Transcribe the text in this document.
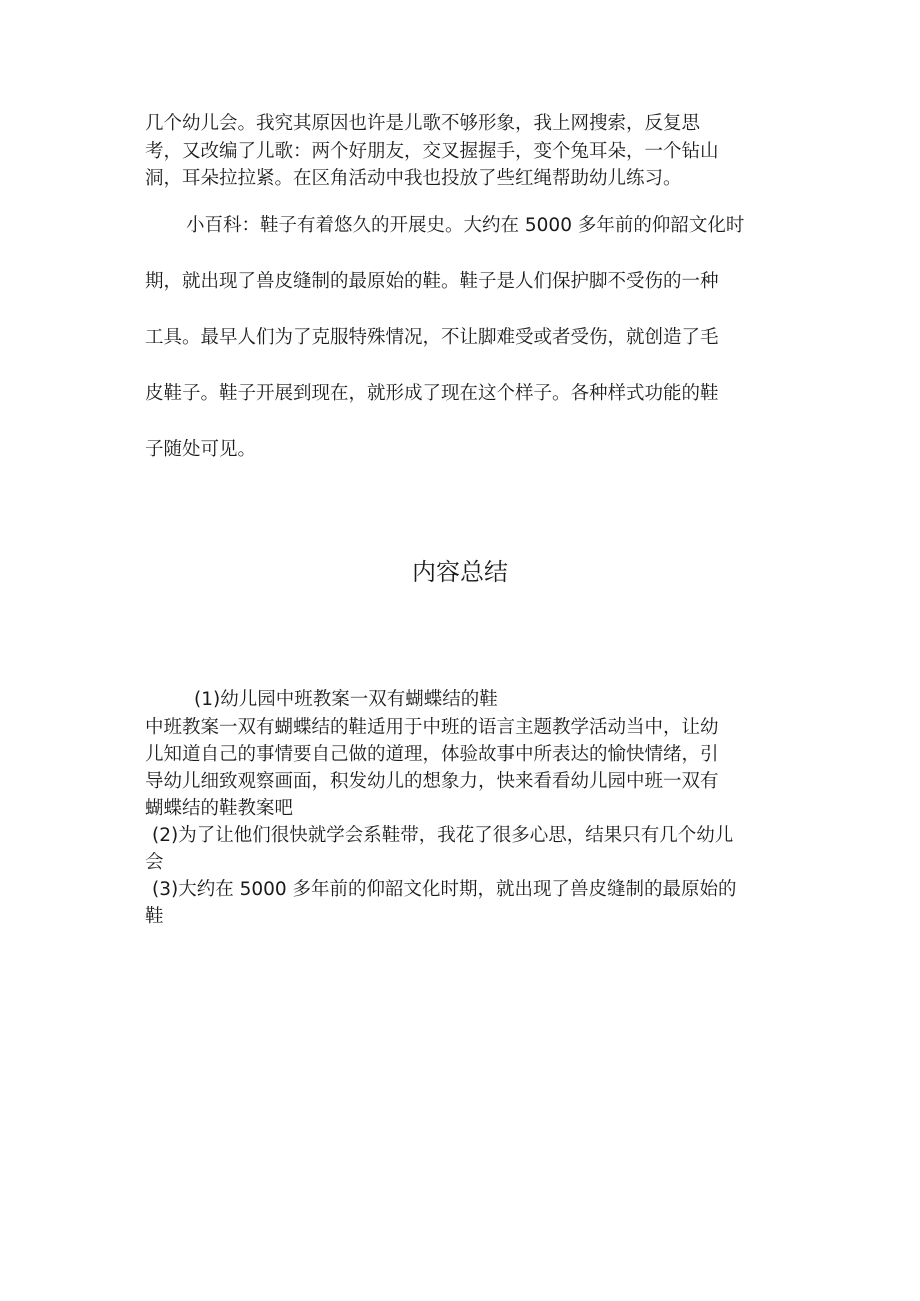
几个幼儿会。我究其原因也许是儿歌不够形象，我上网搜索，反复思

考，又改编了儿歌：两个好朋友，交叉握握手，变个兔耳朵，一个钻山

洞，耳朵拉拉紧。在区角活动中我也投放了些红绳帮助幼儿练习。

小百科：鞋子有着悠久的开展史。大约在 5000 多年前的仰韶文化时

期，就出现了兽皮缝制的最原始的鞋。鞋子是人们保护脚不受伤的一种

工具。最早人们为了克服特殊情况，不让脚难受或者受伤，就创造了毛

皮鞋子。鞋子开展到现在，就形成了现在这个样子。各种样式功能的鞋

子随处可见。

内容总结

(1)幼儿园中班教案一双有蝴蝶结的鞋

中班教案一双有蝴蝶结的鞋适用于中班的语言主题教学活动当中，让幼

儿知道自己的事情要自己做的道理，体验故事中所表达的愉快情绪，引

导幼儿细致观察画面，积发幼儿的想象力，快来看看幼儿园中班一双有

蝴蝶结的鞋教案吧

(2)为了让他们很快就学会系鞋带，我花了很多心思，结果只有几个幼儿

会

(3)大约在 5000 多年前的仰韶文化时期，就出现了兽皮缝制的最原始的

鞋
